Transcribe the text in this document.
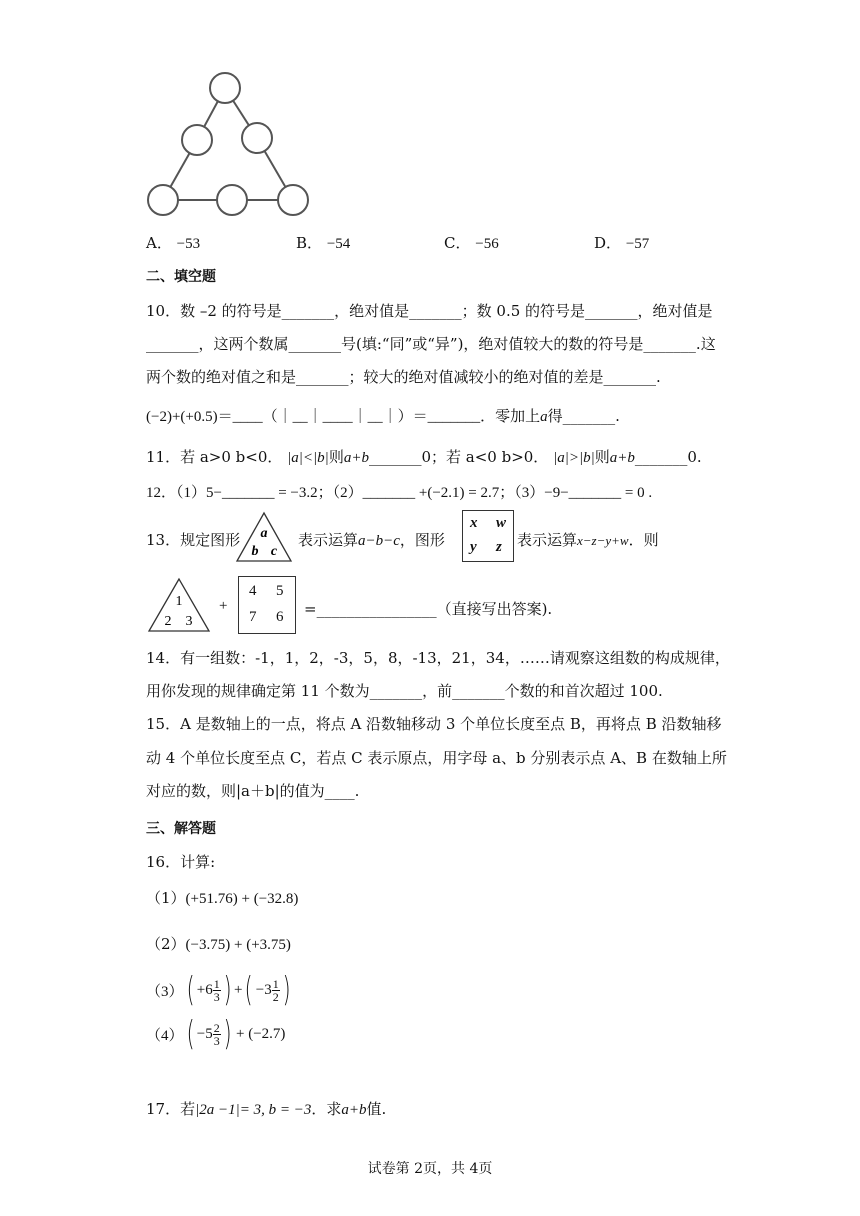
A． −53	B． −54	C． −56	D． −57
二、填空题
10．数 –2 的符号是_______，绝对值是_______；数 0.5 的符号是_______，绝对值是
_______，这两个数属_______号(填:“同”或“异”)，绝对值较大的数的符号是_______.这
两个数的绝对值之和是_______；较大的绝对值减较小的绝对值的差是_______.
(−2)+(+0.5)＝____（｜__｜____｜__｜）＝_______．零加上a得_______.
11．若 a>0 b<0． |a|<|b|则a+b_______0；若 a<0 b>0． |a|>|b|则a+b_______0.
12．（1）5−_______ = −3.2；（2）_______ +(−2.1) = 2.7；（3）−9−_______ = 0 .
13．规定图形 a
b c
表示运算a−b−c，图形
x w
y z 表示运算x−z−y+w．则
1
2 3
+
4 5
7 6 =________________（直接写出答案).
14．有一组数：-1，1，2，-3，5，8，-13，21，34，……请观察这组数的构成规律，
用你发现的规律确定第 11 个数为_______，前_______个数的和首次超过 100.
15．A 是数轴上的一点，将点 A 沿数轴移动 3 个单位长度至点 B，再将点 B 沿数轴移
动 4 个单位长度至点 C，若点 C 表示原点，用字母 a、b 分别表示点 A、B 在数轴上所
对应的数，则|a＋b|的值为____.
三、解答题
16．计算:
（1）(+51.76) + (−32.8)
（2）(−3.75) + (+3.75)
（3） ( $+6 \frac{1}{3}$ ) + ( $-3 \frac{1}{2}$ )
（4） ( $-5 \frac{2}{3}$ ) + (−2.7)
17．若|2a −1|= 3, b = −3．求a+b值.
试卷第 2页，共 4页
